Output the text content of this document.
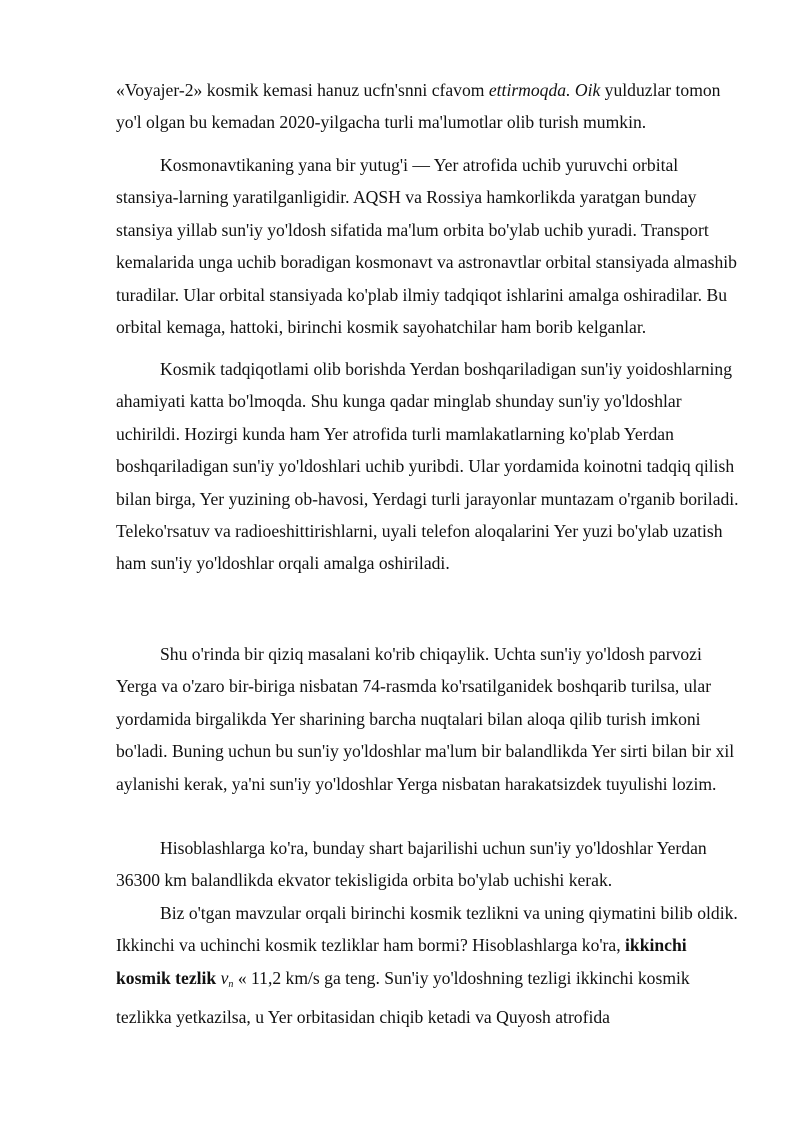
«Voyajer-2» kosmik kemasi hanuz ucfn'snni cfavom ettirmoqda. Oik yulduzlar tomon yo'l olgan bu kemadan 2020-yilgacha turli ma'lumotlar olib turish mumkin.

Kosmonavtikaning yana bir yutug'i — Yer atrofida uchib yuruvchi orbital stansiya-larning yaratilganligidir. AQSH va Rossiya hamkorlikda yaratgan bunday stansiya yillab sun'iy yo'ldosh sifatida ma'lum orbita bo'ylab uchib yuradi. Transport kemalarida unga uchib boradigan kosmonavt va astronavtlar orbital stansiyada almashib turadilar. Ular orbital stansiyada ko'plab ilmiy tadqiqot ishlarini amalga oshiradilar. Bu orbital kemaga, hattoki, birinchi kosmik sayohatchilar ham borib kelganlar.

Kosmik tadqiqotlami olib borishda Yerdan boshqariladigan sun'iy yoidoshlarning ahamiyati katta bo'lmoqda. Shu kunga qadar minglab shunday sun'iy yo'ldoshlar uchirildi. Hozirgi kunda ham Yer atrofida turli mamlakatlarning ko'plab Yerdan boshqariladigan sun'iy yo'ldoshlari uchib yuribdi. Ular yordamida koinotni tadqiq qilish bilan birga, Yer yuzining ob-havosi, Yerdagi turli jarayonlar muntazam o'rganib boriladi. Teleko'rsatuv va radioeshittirishlarni, uyali telefon aloqalarini Yer yuzi bo'ylab uzatish ham sun'iy yo'ldoshlar orqali amalga oshiriladi.

Shu o'rinda bir qiziq masalani ko'rib chiqaylik. Uchta sun'iy yo'ldosh parvozi Yerga va o'zaro bir-biriga nisbatan 74-rasmda ko'rsatilganidek boshqarib turilsa, ular yordamida birgalikda Yer sharining barcha nuqtalari bilan aloqa qilib turish imkoni bo'ladi. Buning uchun bu sun'iy yo'ldoshlar ma'lum bir balandlikda Yer sirti bilan bir xil aylanishi kerak, ya'ni sun'iy yo'ldoshlar Yerga nisbatan harakatsizdek tuyulishi lozim.

Hisoblashlarga ko'ra, bunday shart bajarilishi uchun sun'iy yo'ldoshlar Yerdan 36300 km balandlikda ekvator tekisligida orbita bo'ylab uchishi kerak.

Biz o'tgan mavzular orqali birinchi kosmik tezlikni va uning qiymatini bilib oldik. Ikkinchi va uchinchi kosmik tezliklar ham bormi? Hisoblashlarga ko'ra, ikkinchi kosmik tezlik $v_n$ « 11,2 km/s ga teng. Sun'iy yo'ldoshning tezligi ikkinchi kosmik tezlikka yetkazilsa, u Yer orbitasidan chiqib ketadi va Quyosh atrofida
